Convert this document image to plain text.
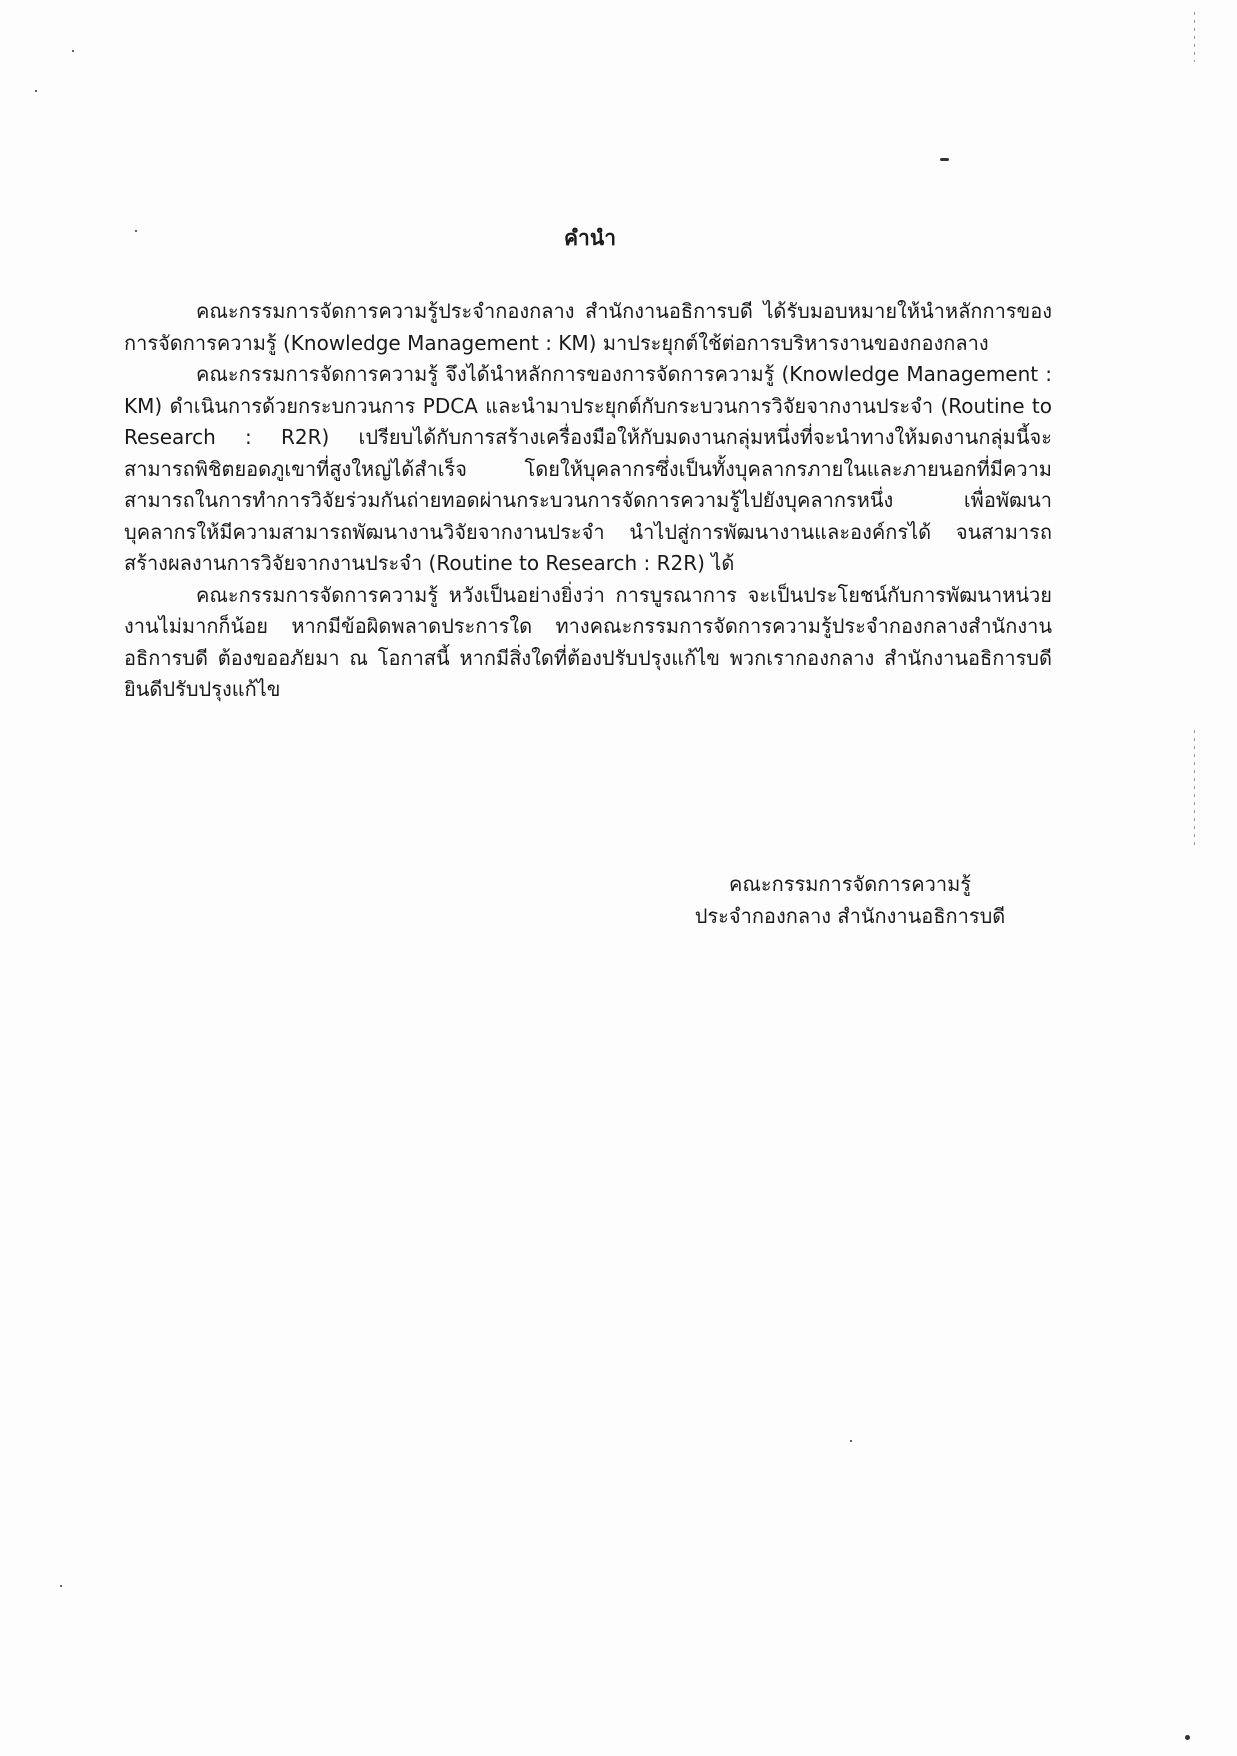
คำนำ

คณะกรรมการจัดการความรู้ประจำกองกลาง สำนักงานอธิการบดี ได้รับมอบหมายให้นำหลักการของการจัดการความรู้ (Knowledge Management : KM) มาประยุกต์ใช้ต่อการบริหารงานของกองกลาง

คณะกรรมการจัดการความรู้ จึงได้นำหลักการของการจัดการความรู้ (Knowledge Management : KM) ดำเนินการด้วยกระบกวนการ PDCA และนำมาประยุกต์กับกระบวนการวิจัยจากงานประจำ (Routine to Research : R2R) เปรียบได้กับการสร้างเครื่องมือให้กับมดงานกลุ่มหนึ่งที่จะนำทางให้มดงานกลุ่มนี้จะสามารถพิชิตยอดภูเขาที่สูงใหญ่ได้สำเร็จ โดยให้บุคลากรซึ่งเป็นทั้งบุคลากรภายในและภายนอกที่มีความสามารถในการทำการวิจัยร่วมกันถ่ายทอดผ่านกระบวนการจัดการความรู้ไปยังบุคลากรหนึ่ง เพื่อพัฒนาบุคลากรให้มีความสามารถพัฒนางานวิจัยจากงานประจำ นำไปสู่การพัฒนางานและองค์กรได้ จนสามารถสร้างผลงานการวิจัยจากงานประจำ (Routine to Research : R2R) ได้

คณะกรรมการจัดการความรู้ หวังเป็นอย่างยิ่งว่า การบูรณาการ จะเป็นประโยชน์กับการพัฒนาหน่วยงานไม่มากก็น้อย หากมีข้อผิดพลาดประการใด ทางคณะกรรมการจัดการความรู้ประจำกองกลางสำนักงานอธิการบดี ต้องขออภัยมา ณ โอกาสนี้ หากมีสิ่งใดที่ต้องปรับปรุงแก้ไข พวกเรากองกลาง สำนักงานอธิการบดี ยินดีปรับปรุงแก้ไข

คณะกรรมการจัดการความรู้

ประจำกองกลาง สำนักงานอธิการบดี
